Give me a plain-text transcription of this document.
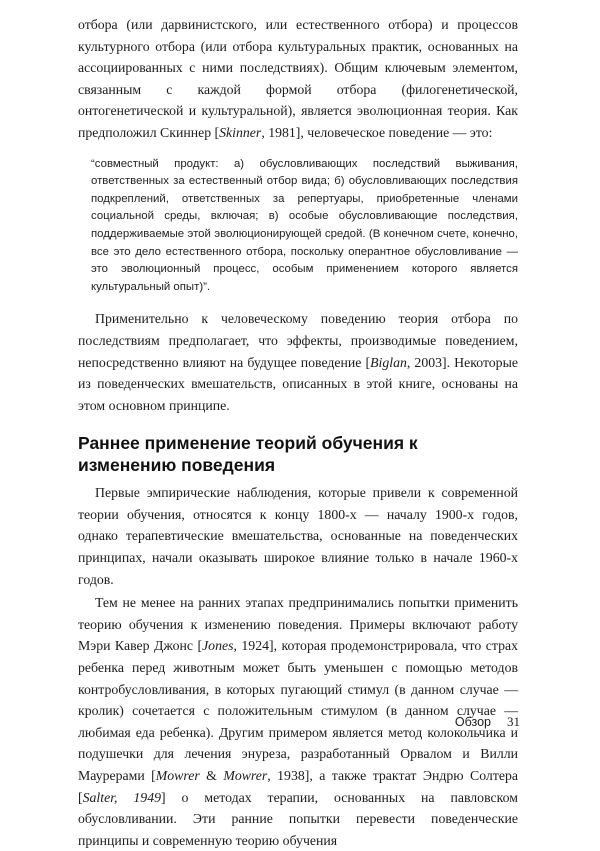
отбора (или дарвинистского, или естественного отбора) и процессов культурного отбора (или отбора культуральных практик, основанных на ассоциированных с ними последствиях). Общим ключевым элементом, связанным с каждой формой отбора (филогенетической, онтогенетической и культуральной), является эволюционная теория. Как предположил Скиннер [Skinner, 1981], человеческое поведение — это:

“совместный продукт: а) обусловливающих последствий выживания, ответственных за естественный отбор вида; б) обусловливающих последствия подкреплений, ответственных за репертуары, приобретенные членами социальной среды, включая; в) особые обусловливающие последствия, поддерживаемые этой эволюционирующей средой. (В конечном счете, конечно, все это дело естественного отбора, поскольку оперантное обусловливание — это эволюционный процесс, особым применением которого является культуральный опыт)”.

Применительно к человеческому поведению теория отбора по последствиям предполагает, что эффекты, производимые поведением, непосредственно влияют на будущее поведение [Biglan, 2003]. Некоторые из поведенческих вмешательств, описанных в этой книге, основаны на этом основном принципе.

Раннее применение теорий обучения к изменению поведения

Первые эмпирические наблюдения, которые привели к современной теории обучения, относятся к концу 1800-х — началу 1900-х годов, однако терапевтические вмешательства, основанные на поведенческих принципах, начали оказывать широкое влияние только в начале 1960-х годов.

Тем не менее на ранних этапах предпринимались попытки применить теорию обучения к изменению поведения. Примеры включают работу Мэри Кавер Джонс [Jones, 1924], которая продемонстрировала, что страх ребенка перед животным может быть уменьшен с помощью методов контробусловливания, в которых пугающий стимул (в данном случае — кролик) сочетается с положительным стимулом (в данном случае — любимая еда ребенка). Другим примером является метод колокольчика и подушечки для лечения энуреза, разработанный Орвалом и Вилли Маурерами [Mowrer & Mowrer, 1938], а также трактат Эндрю Солтера [Salter, 1949] о методах терапии, основанных на павловском обусловливании. Эти ранние попытки перевести поведенческие принципы и современную теорию обучения

Обзор 31
